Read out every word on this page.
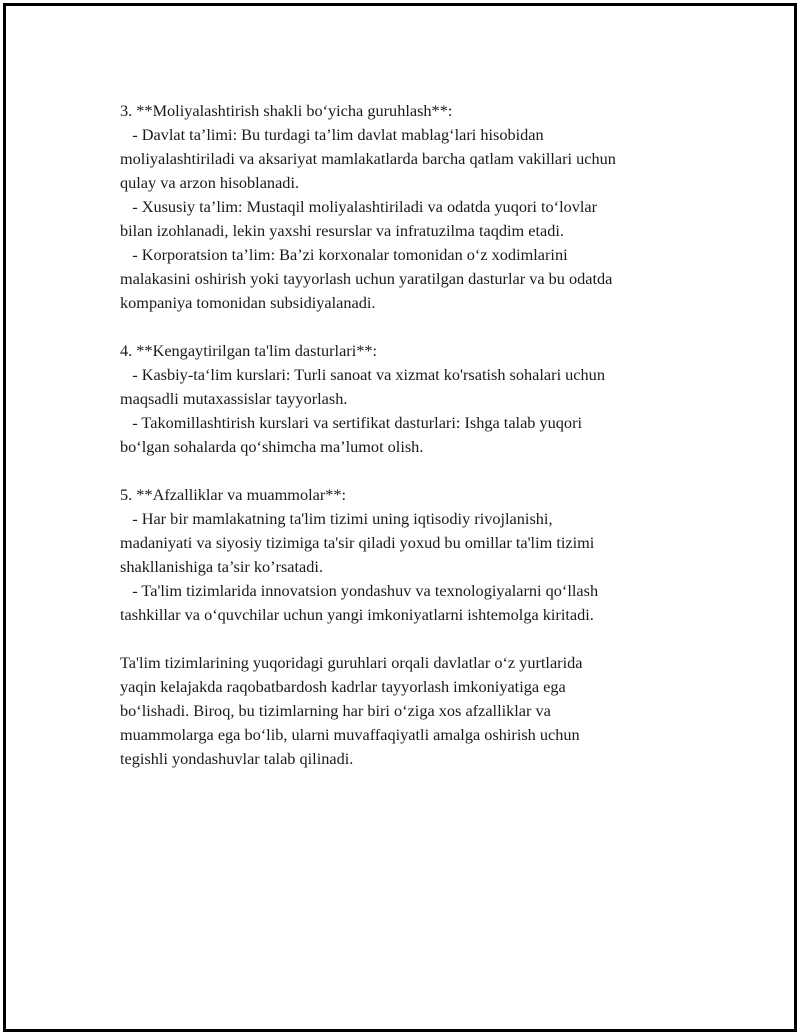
3. **Moliyalashtirish shakli bo‘yicha guruhlash**:
- Davlat ta’limi: Bu turdagi ta’lim davlat mablag‘lari hisobidan
moliyalashtiriladi va aksariyat mamlakatlarda barcha qatlam vakillari uchun
qulay va arzon hisoblanadi.
- Xususiy ta’lim: Mustaqil moliyalashtiriladi va odatda yuqori to‘lovlar
bilan izohlanadi, lekin yaxshi resurslar va infratuzilma taqdim etadi.
- Korporatsion ta’lim: Ba’zi korxonalar tomonidan o‘z xodimlarini
malakasini oshirish yoki tayyorlash uchun yaratilgan dasturlar va bu odatda
kompaniya tomonidan subsidiyalanadi.
4. **Kengaytirilgan ta'lim dasturlari**:
- Kasbiy-ta‘lim kurslari: Turli sanoat va xizmat ko'rsatish sohalari uchun
maqsadli mutaxassislar tayyorlash.
- Takomillashtirish kurslari va sertifikat dasturlari: Ishga talab yuqori
bo‘lgan sohalarda qo‘shimcha ma’lumot olish.
5. **Afzalliklar va muammolar**:
- Har bir mamlakatning ta'lim tizimi uning iqtisodiy rivojlanishi,
madaniyati va siyosiy tizimiga ta'sir qiladi yoxud bu omillar ta'lim tizimi
shakllanishiga ta’sir ko’rsatadi.
- Ta'lim tizimlarida innovatsion yondashuv va texnologiyalarni qo‘llash
tashkillar va o‘quvchilar uchun yangi imkoniyatlarni ishtemolga kiritadi.
Ta'lim tizimlarining yuqoridagi guruhlari orqali davlatlar o‘z yurtlarida
yaqin kelajakda raqobatbardosh kadrlar tayyorlash imkoniyatiga ega
bo‘lishadi. Biroq, bu tizimlarning har biri o‘ziga xos afzalliklar va
muammolarga ega bo‘lib, ularni muvaffaqiyatli amalga oshirish uchun
tegishli yondashuvlar talab qilinadi.
